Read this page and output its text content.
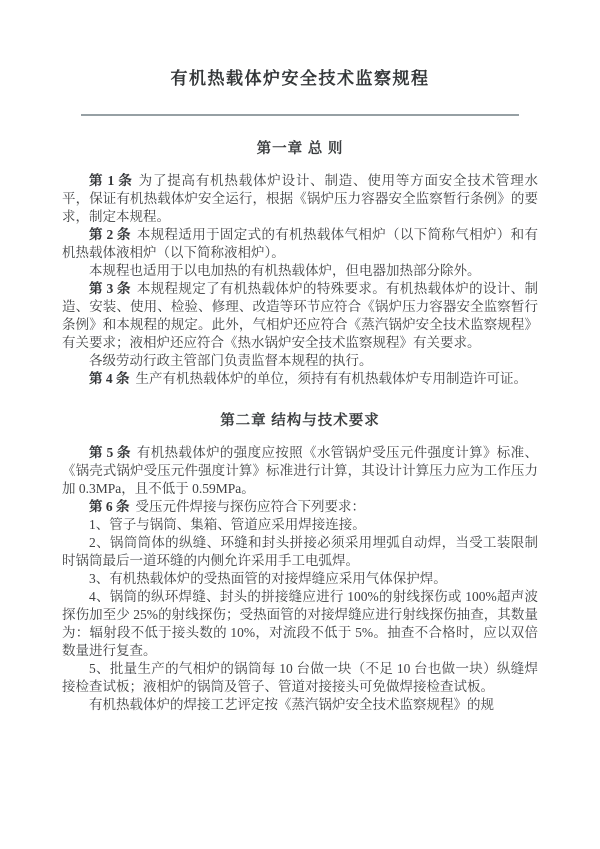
有机热载体炉安全技术监察规程
第一章 总 则

第 1 条 为了提高有机热载体炉设计、制造、使用等方面安全技术管理水平，保证有机热载体炉安全运行，根据《锅炉压力容器安全监察暂行条例》的要求，制定本规程。

第 2 条 本规程适用于固定式的有机热载体气相炉（以下简称气相炉）和有机热载体液相炉（以下简称液相炉）。

本规程也适用于以电加热的有机热载体炉，但电器加热部分除外。

第 3 条 本规程规定了有机热载体炉的特殊要求。有机热载体炉的设计、制造、安装、使用、检验、修理、改造等环节应符合《锅炉压力容器安全监察暂行条例》和本规程的规定。此外，气相炉还应符合《蒸汽锅炉安全技术监察规程》有关要求；液相炉还应符合《热水锅炉安全技术监察规程》有关要求。

各级劳动行政主管部门负责监督本规程的执行。

第 4 条 生产有机热载体炉的单位，须持有有机热载体炉专用制造许可证。

第二章 结构与技术要求

第 5 条 有机热载体炉的强度应按照《水管锅炉受压元件强度计算》标准、《锅壳式锅炉受压元件强度计算》标准进行计算，其设计计算压力应为工作压力加 0.3MPa，且不低于 0.59MPa。

第 6 条 受压元件焊接与探伤应符合下列要求：

1、管子与锅筒、集箱、管道应采用焊接连接。

2、锅筒筒体的纵缝、环缝和封头拼接必须采用埋弧自动焊，当受工装限制时锅筒最后一道环缝的内侧允许采用手工电弧焊。

3、有机热载体炉的受热面管的对接焊缝应采用气体保护焊。

4、锅筒的纵环焊缝、封头的拼接缝应进行 100%的射线探伤或 100%超声波探伤加至少 25%的射线探伤；受热面管的对接焊缝应进行射线探伤抽查，其数量为：辐射段不低于接头数的 10%，对流段不低于 5%。抽查不合格时，应以双倍数量进行复查。

5、批量生产的气相炉的锅筒每 10 台做一块（不足 10 台也做一块）纵缝焊接检查试板；液相炉的锅筒及管子、管道对接接头可免做焊接检查试板。

有机热载体炉的焊接工艺评定按《蒸汽锅炉安全技术监察规程》的规
